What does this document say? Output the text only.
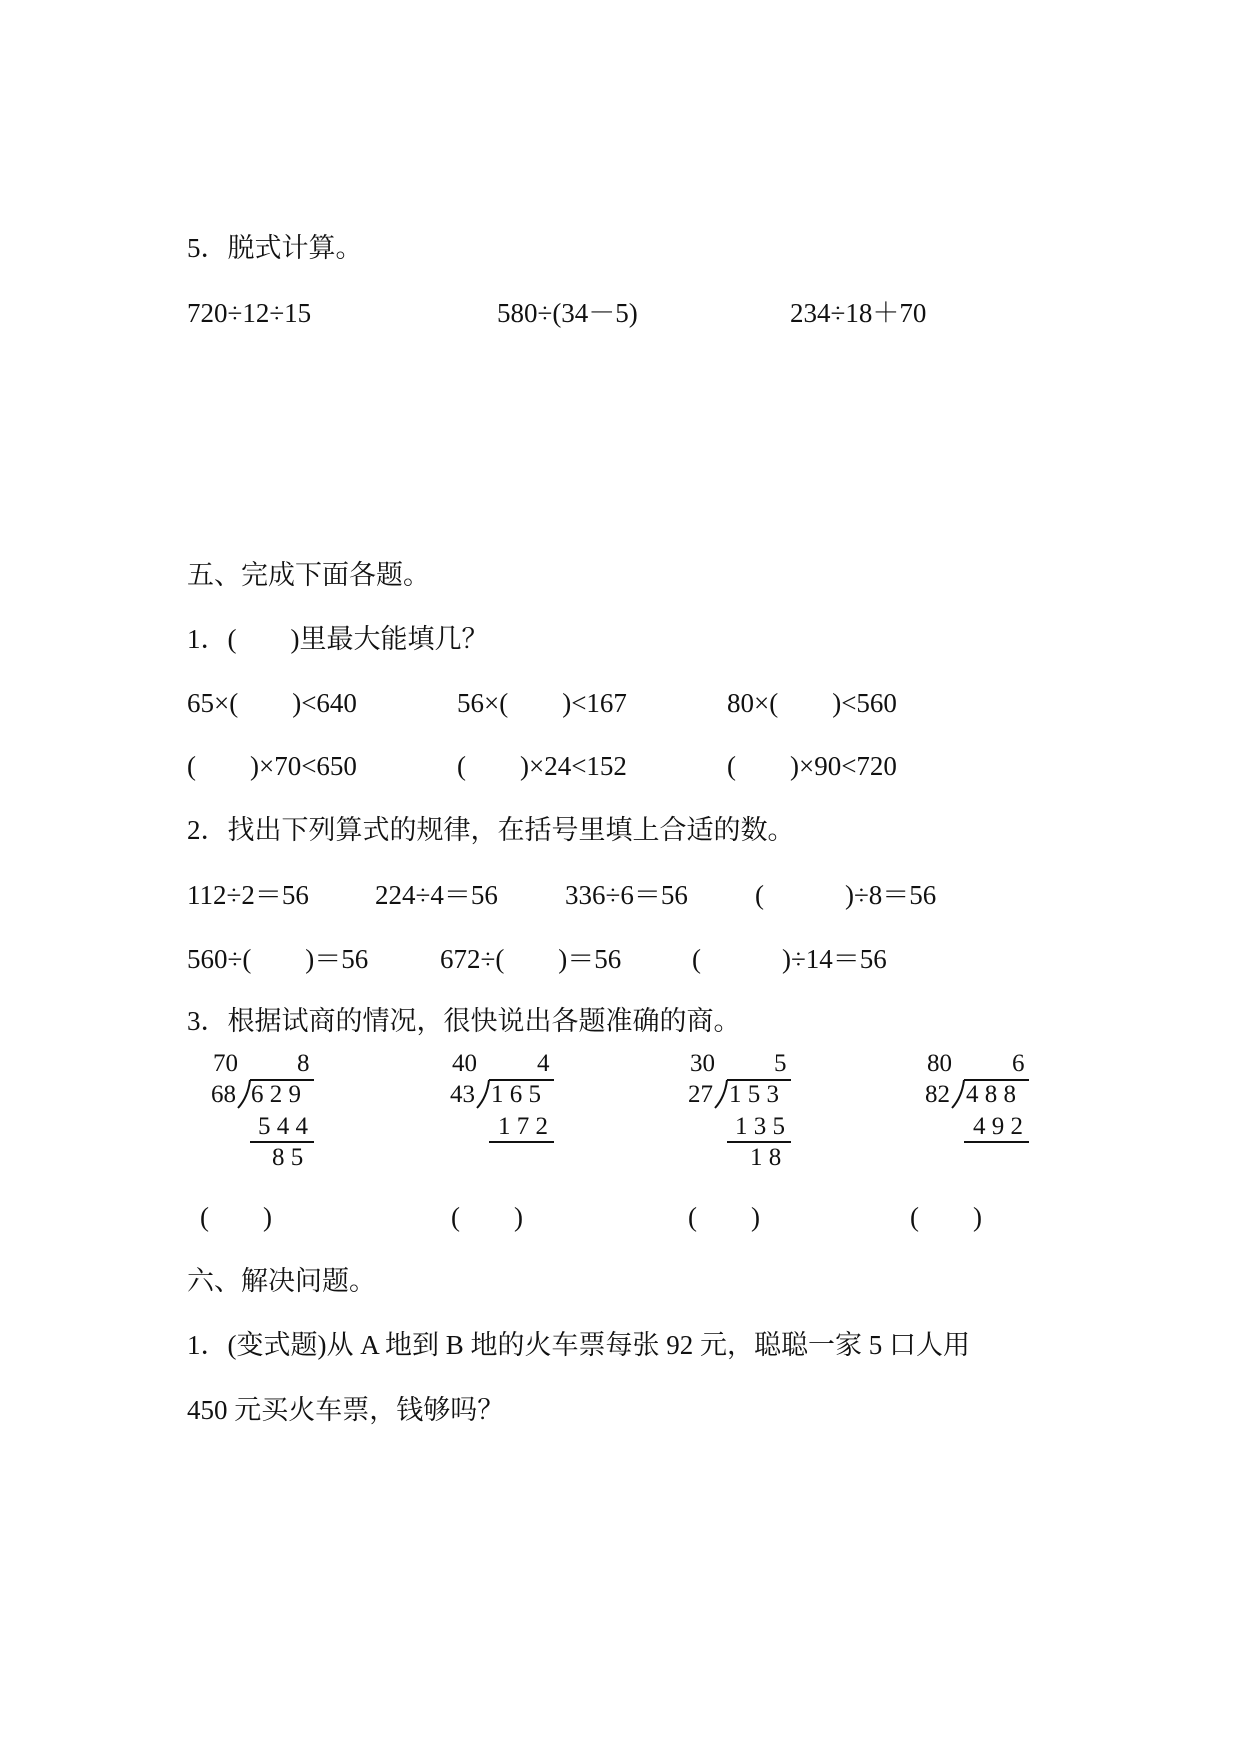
5．脱式计算。
720÷12÷15	580÷(34－5)	234÷18＋70
五、完成下面各题。
1．(　　)里最大能填几？
65×(　　)<640	56×(　　)<167	80×(　　)<560
(　　)×70<650	(　　)×24<152	(　　)×90<720
2．找出下列算式的规律，在括号里填上合适的数。
112÷2＝56 224÷4＝56 336÷6＝56 (　　　)÷8＝56
560÷(　　)＝56	672÷(　　)＝56	(　　　)÷14＝56
3．根据试商的情况，很快说出各题准确的商。
70 8
68 6 2 9
5 4 4
8 5
40 4
43 1 6 5
1 7 2
30 5
27 1 5 3
1 3 5
1 8
80 6
82 4 8 8
4 9 2
(　　)	(　　)	(　　)	(　　)
六、解决问题。
1．(变式题)从 A 地到 B 地的火车票每张 92 元，聪聪一家 5 口人用
450 元买火车票，钱够吗？
